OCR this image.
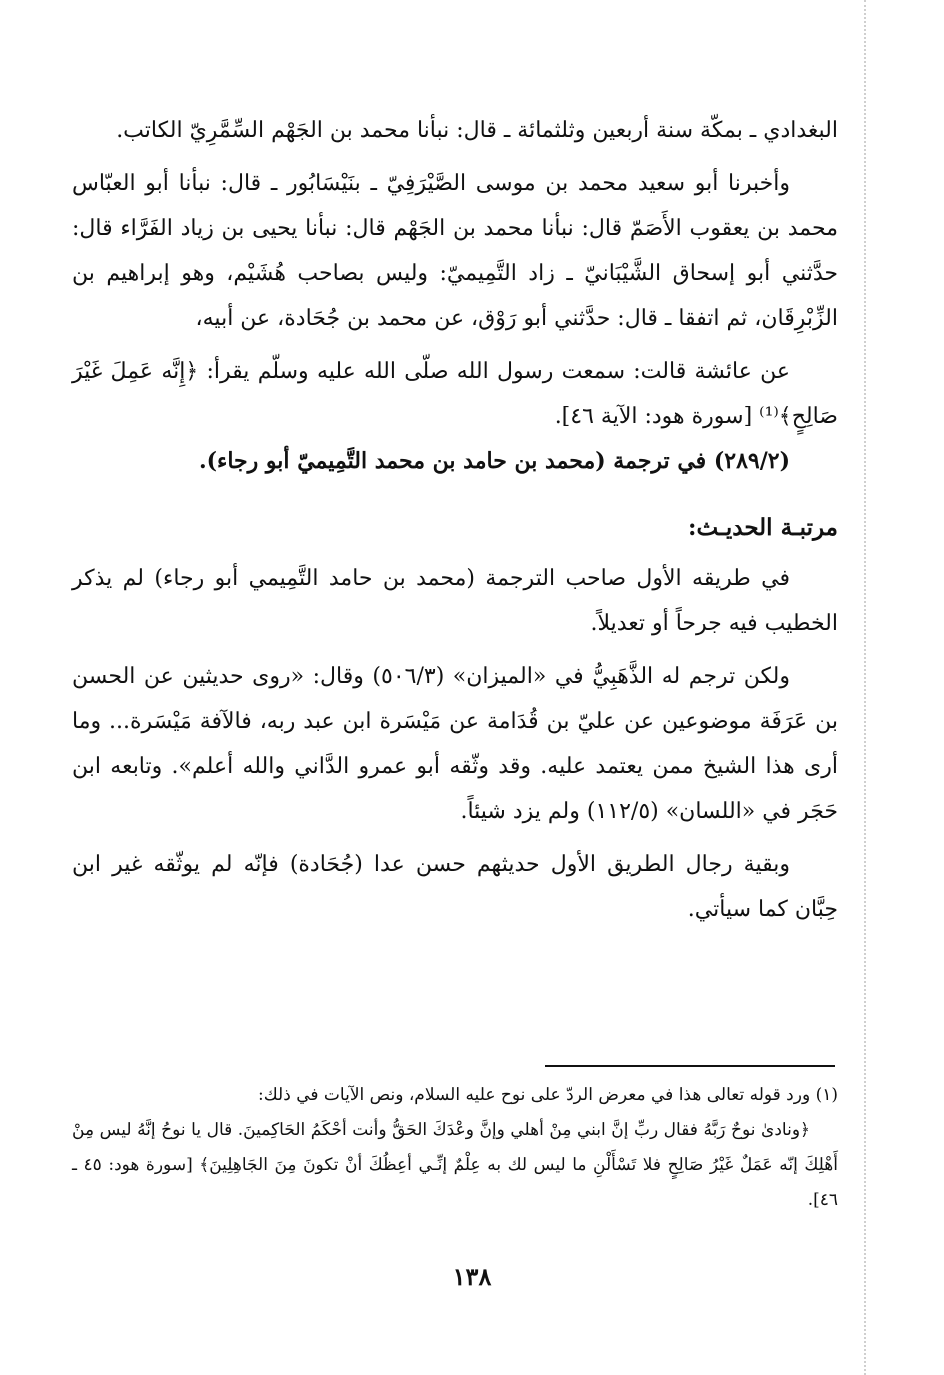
البغدادي ـ بمكّة سنة أربعين وثلثمائة ـ قال: نبأنا محمد بن الجَهْم السِّمَّرِيّ الكاتب.

وأخبرنا أبو سعيد محمد بن موسى الصَّيْرَفِيّ ـ بنَيْسَابُور ـ قال: نبأنا أبو العبّاس محمد بن يعقوب الأَصَمّ قال: نبأنا محمد بن الجَهْم قال: نبأنا يحيى بن زياد الفَرَّاء قال: حدَّثني أبو إسحاق الشَّيْبَانيّ ـ زاد التَّمِيميّ: وليس بصاحب هُشَيْم، وهو إبراهيم بن الزِّبْرِقَان، ثم اتفقا ـ قال: حدَّثني أبو رَوْق، عن محمد بن جُحَادة، عن أبيه،

عن عائشة قالت: سمعت رسول الله صلّى الله عليه وسلّم يقرأ: ﴿إِنَّه عَمِلَ غَيْرَ صَالِحٍ﴾⁽¹⁾ [سورة هود: الآية ٤٦].

(٢٨٩/٢) في ترجمة (محمد بن حامد بن محمد التَّمِيميّ أبو رجاء).

مرتبـة الحديـث:

في طريقه الأول صاحب الترجمة (محمد بن حامد التَّمِيمي أبو رجاء) لم يذكر الخطيب فيه جرحاً أو تعديلاً.

ولكن ترجم له الذَّهَبِيُّ في «الميزان» (٥٠٦/٣) وقال: «روى حديثين عن الحسن بن عَرَفَة موضوعين عن عليّ بن قُدَامة عن مَيْسَرة ابن عبد ربه، فالآفة مَيْسَرة... وما أرى هذا الشيخ ممن يعتمد عليه. وقد وثّقه أبو عمرو الدَّاني والله أعلم». وتابعه ابن حَجَر في «اللسان» (١١٢/٥) ولم يزد شيئاً.

وبقية رجال الطريق الأول حديثهم حسن عدا (جُحَادة) فإنّه لم يوثّقه غير ابن حِبَّان كما سيأتي.

(١) ورد قوله تعالى هذا في معرض الردّ على نوح عليه السلام، ونص الآيات في ذلك:
﴿ونادىٰ نوحٌ رَبَّهُ فقال ربِّ إنَّ ابني مِنْ أهلي وإنَّ وعْدَكَ الحَقُّ وأنت أحْكَمُ الحَاكِمينَ. قال يا نوحُ إنَّهُ ليس مِنْ أَهْلِكَ إنّه عَمَلٌ غَيْرُ صَالِحٍ فلا تَسْأَلْنِ ما ليس لك به عِلْمٌ إنِّـي أعِظُكَ أنْ تكونَ مِنَ الجَاهِلِينَ﴾ [سورة هود: ٤٥ ـ ٤٦].
١٣٨
